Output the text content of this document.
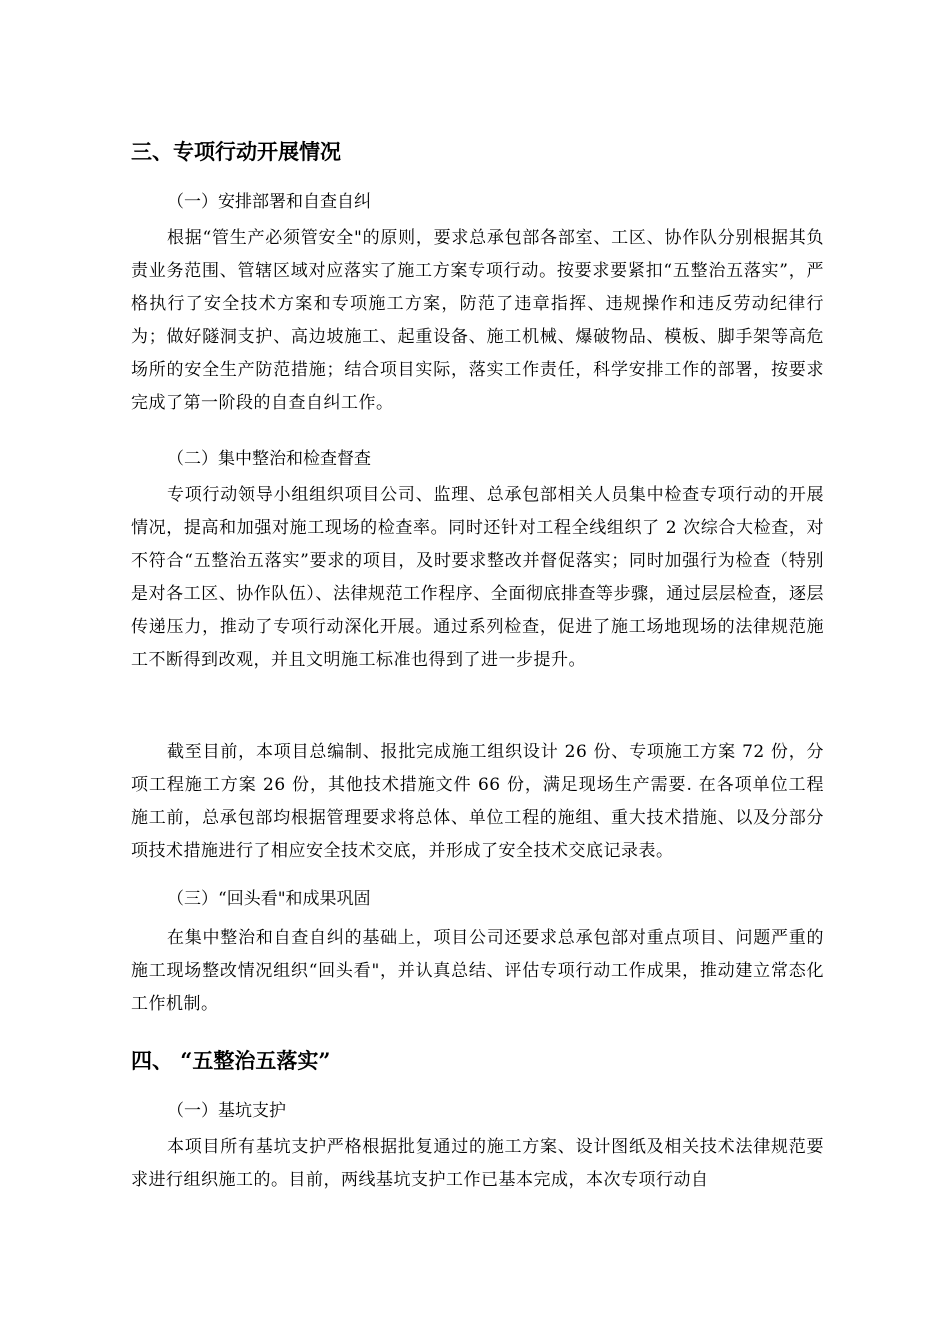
三、专项行动开展情况
（一）安排部署和自查自纠
根据“管生产必须管安全"的原则，要求总承包部各部室、工区、协作队分别根据其负责业务范围、管辖区域对应落实了施工方案专项行动。按要求要紧扣“五整治五落实”，严格执行了安全技术方案和专项施工方案，防范了违章指挥、违规操作和违反劳动纪律行为；做好隧洞支护、高边坡施工、起重设备、施工机械、爆破物品、模板、脚手架等高危场所的安全生产防范措施；结合项目实际，落实工作责任，科学安排工作的部署，按要求完成了第一阶段的自查自纠工作。
（二）集中整治和检查督查
专项行动领导小组组织项目公司、监理、总承包部相关人员集中检查专项行动的开展情况，提高和加强对施工现场的检查率。同时还针对工程全线组织了 2 次综合大检查，对不符合“五整治五落实”要求的项目，及时要求整改并督促落实；同时加强行为检查（特别是对各工区、协作队伍）、法律规范工作程序、全面彻底排查等步骤，通过层层检查，逐层传递压力，推动了专项行动深化开展。通过系列检查，促进了施工场地现场的法律规范施工不断得到改观，并且文明施工标准也得到了进一步提升。
截至目前，本项目总编制、报批完成施工组织设计 26 份、专项施工方案 72 份，分项工程施工方案 26 份，其他技术措施文件 66 份，满足现场生产需要. 在各项单位工程施工前，总承包部均根据管理要求将总体、单位工程的施组、重大技术措施、以及分部分项技术措施进行了相应安全技术交底，并形成了安全技术交底记录表。
（三）“回头看"和成果巩固
在集中整治和自查自纠的基础上，项目公司还要求总承包部对重点项目、问题严重的施工现场整改情况组织“回头看"，并认真总结、评估专项行动工作成果，推动建立常态化工作机制。
四、 “五整治五落实”
（一）基坑支护
本项目所有基坑支护严格根据批复通过的施工方案、设计图纸及相关技术法律规范要求进行组织施工的。目前，两线基坑支护工作已基本完成，本次专项行动自
